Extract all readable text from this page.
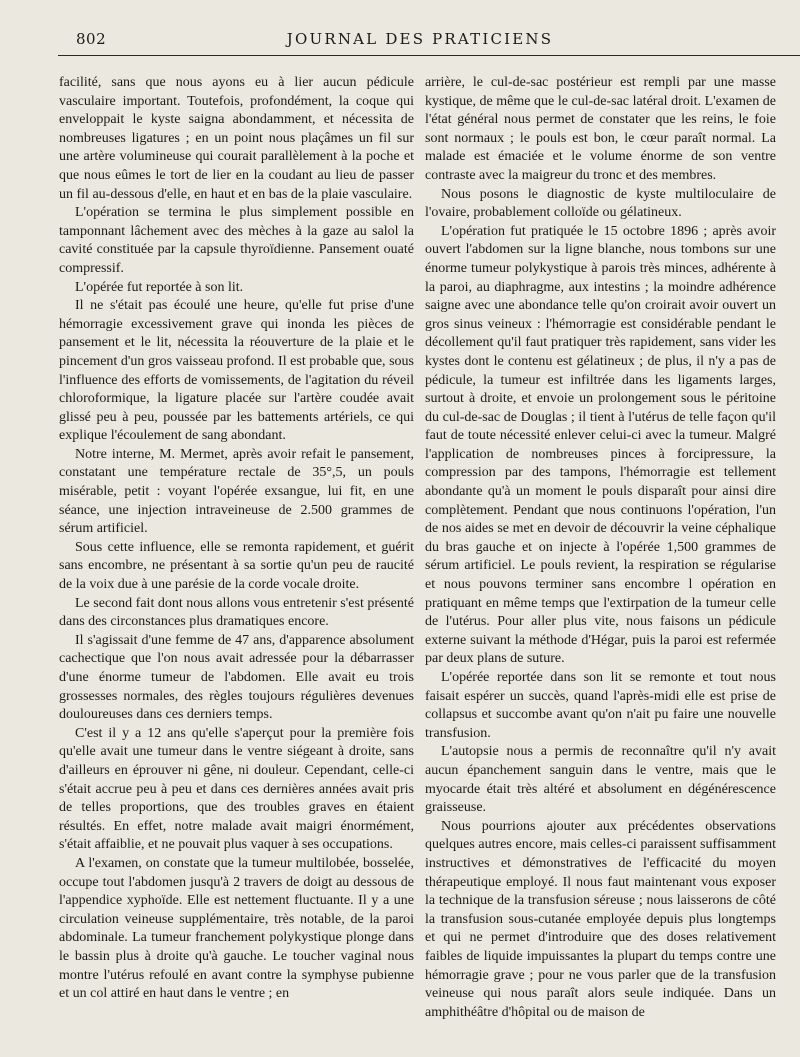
802	JOURNAL DES PRATICIENS

facilité, sans que nous ayons eu à lier aucun pédicule vasculaire important. Toutefois, profondément, la coque qui enveloppait le kyste saigna abondamment, et nécessita de nombreuses ligatures ; en un point nous plaçâmes un fil sur une artère volumineuse qui courait parallèlement à la poche et que nous eûmes le tort de lier en la coudant au lieu de passer un fil au-dessous d'elle, en haut et en bas de la plaie vasculaire.

L'opération se termina le plus simplement possible en tamponnant lâchement avec des mèches à la gaze au salol la cavité constituée par la capsule thyroïdienne. Pansement ouaté compressif.

L'opérée fut reportée à son lit.

Il ne s'était pas écoulé une heure, qu'elle fut prise d'une hémorragie excessivement grave qui inonda les pièces de pansement et le lit, nécessita la réouverture de la plaie et le pincement d'un gros vaisseau profond. Il est probable que, sous l'influence des efforts de vomissements, de l'agitation du réveil chloroformique, la ligature placée sur l'artère coudée avait glissé peu à peu, poussée par les battements artériels, ce qui explique l'écoulement de sang abondant.

Notre interne, M. Mermet, après avoir refait le pansement, constatant une température rectale de 35°,5, un pouls misérable, petit : voyant l'opérée exsangue, lui fit, en une séance, une injection intraveineuse de 2.500 grammes de sérum artificiel.

Sous cette influence, elle se remonta rapidement, et guérit sans encombre, ne présentant à sa sortie qu'un peu de raucité de la voix due à une parésie de la corde vocale droite.

Le second fait dont nous allons vous entretenir s'est présenté dans des circonstances plus dramatiques encore.

Il s'agissait d'une femme de 47 ans, d'apparence absolument cachectique que l'on nous avait adressée pour la débarrasser d'une énorme tumeur de l'abdomen. Elle avait eu trois grossesses normales, des règles toujours régulières devenues douloureuses dans ces derniers temps.

C'est il y a 12 ans qu'elle s'aperçut pour la première fois qu'elle avait une tumeur dans le ventre siégeant à droite, sans d'ailleurs en éprouver ni gêne, ni douleur. Cependant, celle-ci s'était accrue peu à peu et dans ces dernières années avait pris de telles proportions, que des troubles graves en étaient résultés. En effet, notre malade avait maigri énormément, s'était affaiblie, et ne pouvait plus vaquer à ses occupations.

A l'examen, on constate que la tumeur multilobée, bosselée, occupe tout l'abdomen jusqu'à 2 travers de doigt au dessous de l'appendice xyphoïde. Elle est nettement fluctuante. Il y a une circulation veineuse supplémentaire, très notable, de la paroi abdominale. La tumeur franchement polykystique plonge dans le bassin plus à droite qu'à gauche. Le toucher vaginal nous montre l'utérus refoulé en avant contre la symphyse pubienne et un col attiré en haut dans le ventre ; en

arrière, le cul-de-sac postérieur est rempli par une masse kystique, de même que le cul-de-sac latéral droit. L'examen de l'état général nous permet de constater que les reins, le foie sont normaux ; le pouls est bon, le cœur paraît normal. La malade est émaciée et le volume énorme de son ventre contraste avec la maigreur du tronc et des membres.

Nous posons le diagnostic de kyste multiloculaire de l'ovaire, probablement colloïde ou gélatineux.

L'opération fut pratiquée le 15 octobre 1896 ; après avoir ouvert l'abdomen sur la ligne blanche, nous tombons sur une énorme tumeur polykystique à parois très minces, adhérente à la paroi, au diaphragme, aux intestins ; la moindre adhérence saigne avec une abondance telle qu'on croirait avoir ouvert un gros sinus veineux : l'hémorragie est considérable pendant le décollement qu'il faut pratiquer très rapidement, sans vider les kystes dont le contenu est gélatineux ; de plus, il n'y a pas de pédicule, la tumeur est infiltrée dans les ligaments larges, surtout à droite, et envoie un prolongement sous le péritoine du cul-de-sac de Douglas ; il tient à l'utérus de telle façon qu'il faut de toute nécessité enlever celui-ci avec la tumeur. Malgré l'application de nombreuses pinces à forcipressure, la compression par des tampons, l'hémorragie est tellement abondante qu'à un moment le pouls disparaît pour ainsi dire complètement. Pendant que nous continuons l'opération, l'un de nos aides se met en devoir de découvrir la veine céphalique du bras gauche et on injecte à l'opérée 1,500 grammes de sérum artificiel. Le pouls revient, la respiration se régularise et nous pouvons terminer sans encombre l opération en pratiquant en même temps que l'extirpation de la tumeur celle de l'utérus. Pour aller plus vite, nous faisons un pédicule externe suivant la méthode d'Hégar, puis la paroi est refermée par deux plans de suture.

L'opérée reportée dans son lit se remonte et tout nous faisait espérer un succès, quand l'après-midi elle est prise de collapsus et succombe avant qu'on n'ait pu faire une nouvelle transfusion.

L'autopsie nous a permis de reconnaître qu'il n'y avait aucun épanchement sanguin dans le ventre, mais que le myocarde était très altéré et absolument en dégénérescence graisseuse.

Nous pourrions ajouter aux précédentes observations quelques autres encore, mais celles-ci paraissent suffisamment instructives et démonstratives de l'efficacité du moyen thérapeutique employé. Il nous faut maintenant vous exposer la technique de la transfusion séreuse ; nous laisserons de côté la transfusion sous-cutanée employée depuis plus longtemps et qui ne permet d'introduire que des doses relativement faibles de liquide impuissantes la plupart du temps contre une hémorragie grave ; pour ne vous parler que de la transfusion veineuse qui nous paraît alors seule indiquée. Dans un amphithéâtre d'hôpital ou de maison de
